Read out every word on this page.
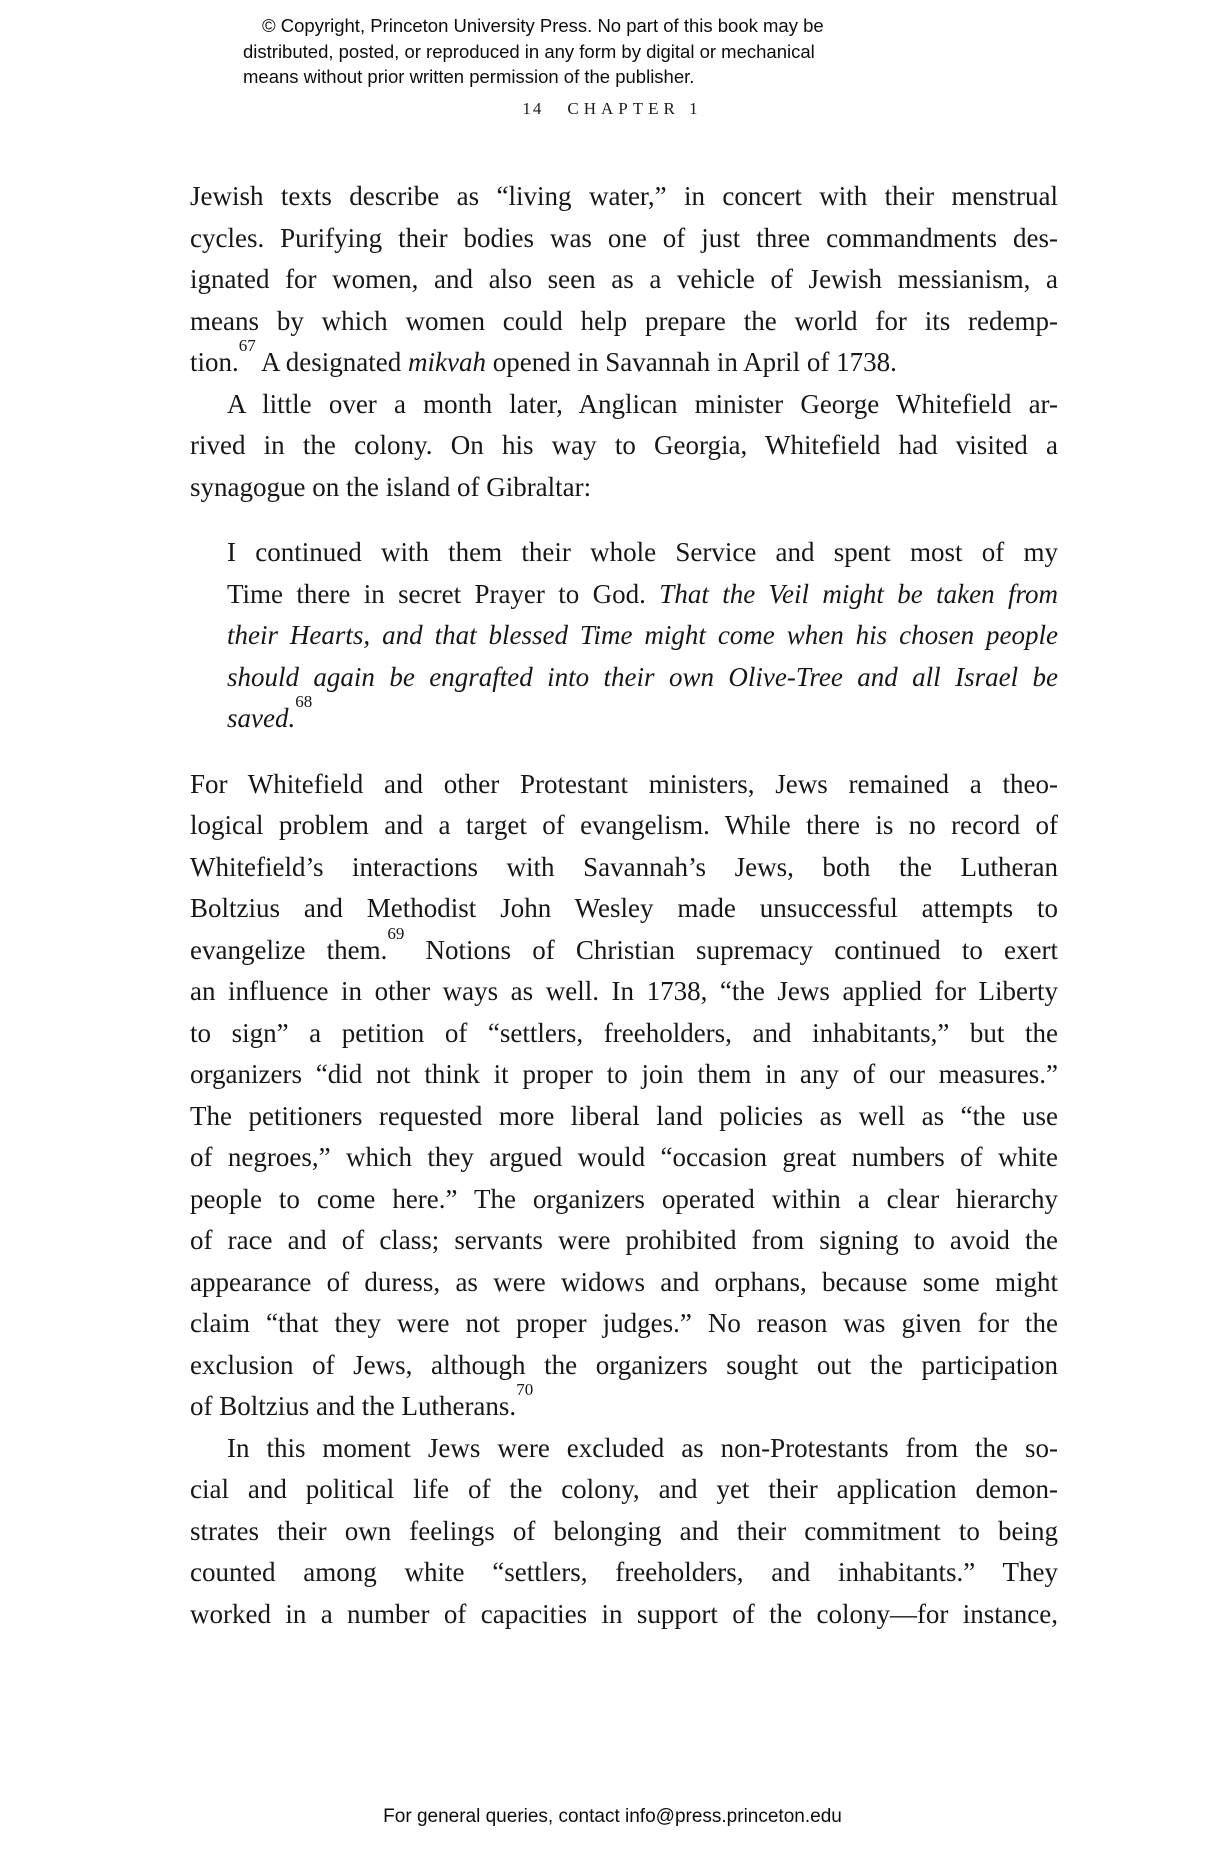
© Copyright, Princeton University Press. No part of this book may be
distributed, posted, or reproduced in any form by digital or mechanical
means without prior written permission of the publisher.
14 CHAPTER 1
Jewish texts describe as “living water,” in concert with their menstrual
cycles. Purifying their bodies was one of just three commandments des-
ignated for women, and also seen as a vehicle of Jewish messianism, a
means by which women could help prepare the world for its redemp-
tion.$^{67}$ A designated mikvah opened in Savannah in April of 1738.
A little over a month later, Anglican minister George Whitefield ar-
rived in the colony. On his way to Georgia, Whitefield had visited a
synagogue on the island of Gibraltar:
I continued with them their whole Service and spent most of my
Time there in secret Prayer to God. That the Veil might be taken from
their Hearts, and that blessed Time might come when his chosen people
should again be engrafted into their own Olive-Tree and all Israel be
saved.$^{68}$
For Whitefield and other Protestant ministers, Jews remained a theo-
logical problem and a target of evangelism. While there is no record of
Whitefield’s interactions with Savannah’s Jews, both the Lutheran
Boltzius and Methodist John Wesley made unsuccessful attempts to
evangelize them.$^{69}$ Notions of Christian supremacy continued to exert
an influence in other ways as well. In 1738, “the Jews applied for Liberty
to sign” a petition of “settlers, freeholders, and inhabitants,” but the
organizers “did not think it proper to join them in any of our measures.”
The petitioners requested more liberal land policies as well as “the use
of negroes,” which they argued would “occasion great numbers of white
people to come here.” The organizers operated within a clear hierarchy
of race and of class; servants were prohibited from signing to avoid the
appearance of duress, as were widows and orphans, because some might
claim “that they were not proper judges.” No reason was given for the
exclusion of Jews, although the organizers sought out the participation
of Boltzius and the Lutherans.$^{70}$
In this moment Jews were excluded as non-Protestants from the so-
cial and political life of the colony, and yet their application demon-
strates their own feelings of belonging and their commitment to being
counted among white “settlers, freeholders, and inhabitants.” They
worked in a number of capacities in support of the colony—for instance,
For general queries, contact info@press.princeton.edu
